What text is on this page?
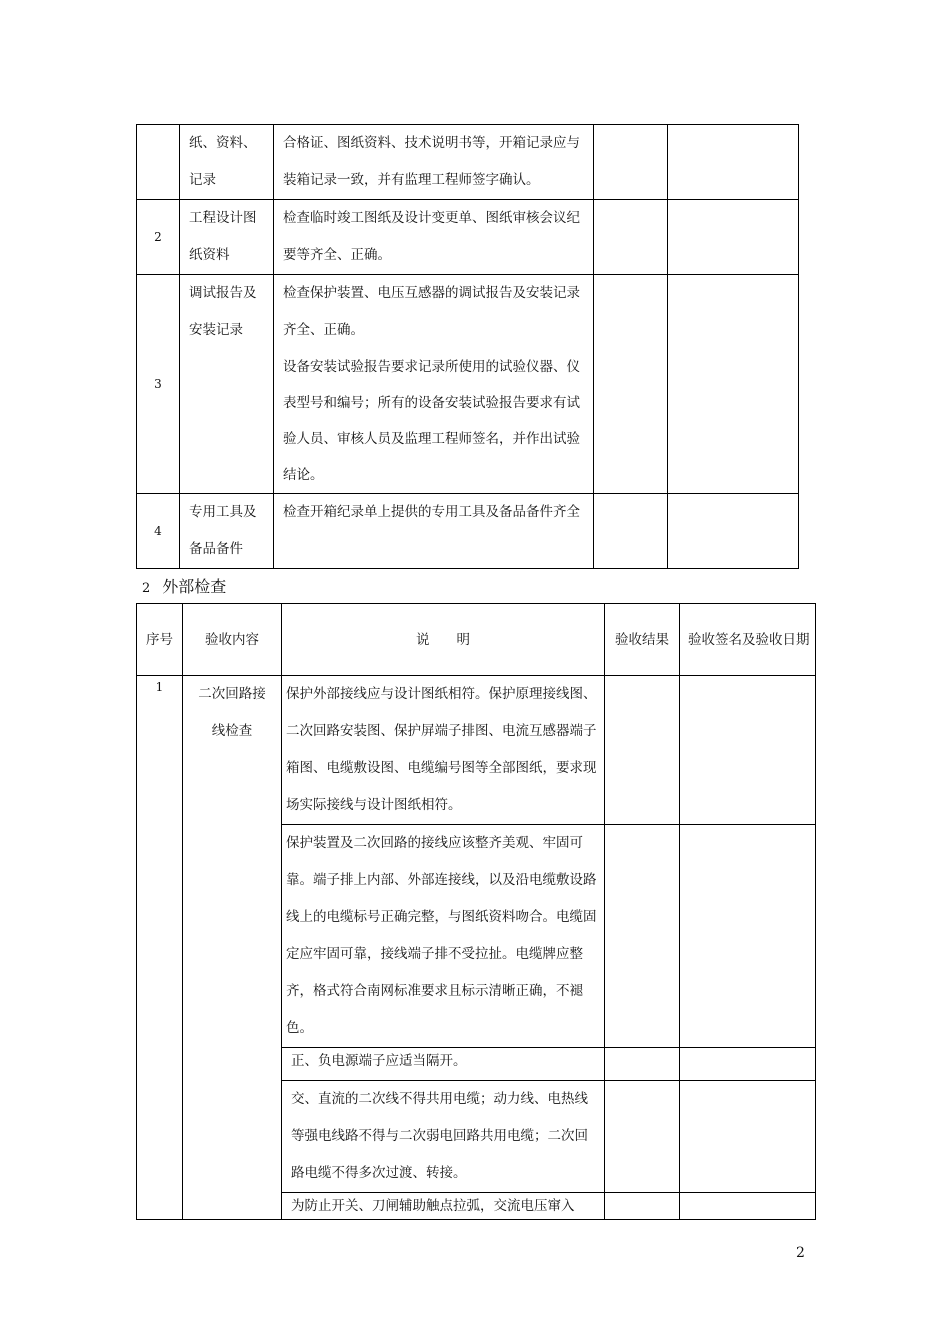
	纸、资料、记录	合格证、图纸资料、技术说明书等，开箱记录应与装箱记录一致，并有监理工程师签字确认。		
2	工程设计图纸资料	检查临时竣工图纸及设计变更单、图纸审核会议纪要等齐全、正确。		
3	调试报告及安装记录	检查保护装置、电压互感器的调试报告及安装记录齐全、正确。
设备安装试验报告要求记录所使用的试验仪器、仪表型号和编号；所有的设备安装试验报告要求有试验人员、审核人员及监理工程师签名，并作出试验结论。		

4	专用工具及备品备件	检查开箱纪录单上提供的专用工具及备品备件齐全		
2 外部检查
序号	验收内容	说　　明	验收结果	验收签名及验收日期
1	二次回路接线检查	保护外部接线应与设计图纸相符。保护原理接线图、二次回路安装图、保护屏端子排图、电流互感器端子箱图、电缆敷设图、电缆编号图等全部图纸，要求现场实际接线与设计图纸相符。		
		保护装置及二次回路的接线应该整齐美观、牢固可靠。端子排上内部、外部连接线，以及沿电缆敷设路线上的电缆标号正确完整，与图纸资料吻合。电缆固定应牢固可靠，接线端子排不受拉扯。电缆牌应整齐，格式符合南网标准要求且标示清晰正确，不褪色。		
		正、负电源端子应适当隔开。		
		交、直流的二次线不得共用电缆；动力线、电热线等强电线路不得与二次弱电回路共用电缆；二次回路电缆不得多次过渡、转接。		
		为防止开关、刀闸辅助触点拉弧，交流电压窜入		
2
